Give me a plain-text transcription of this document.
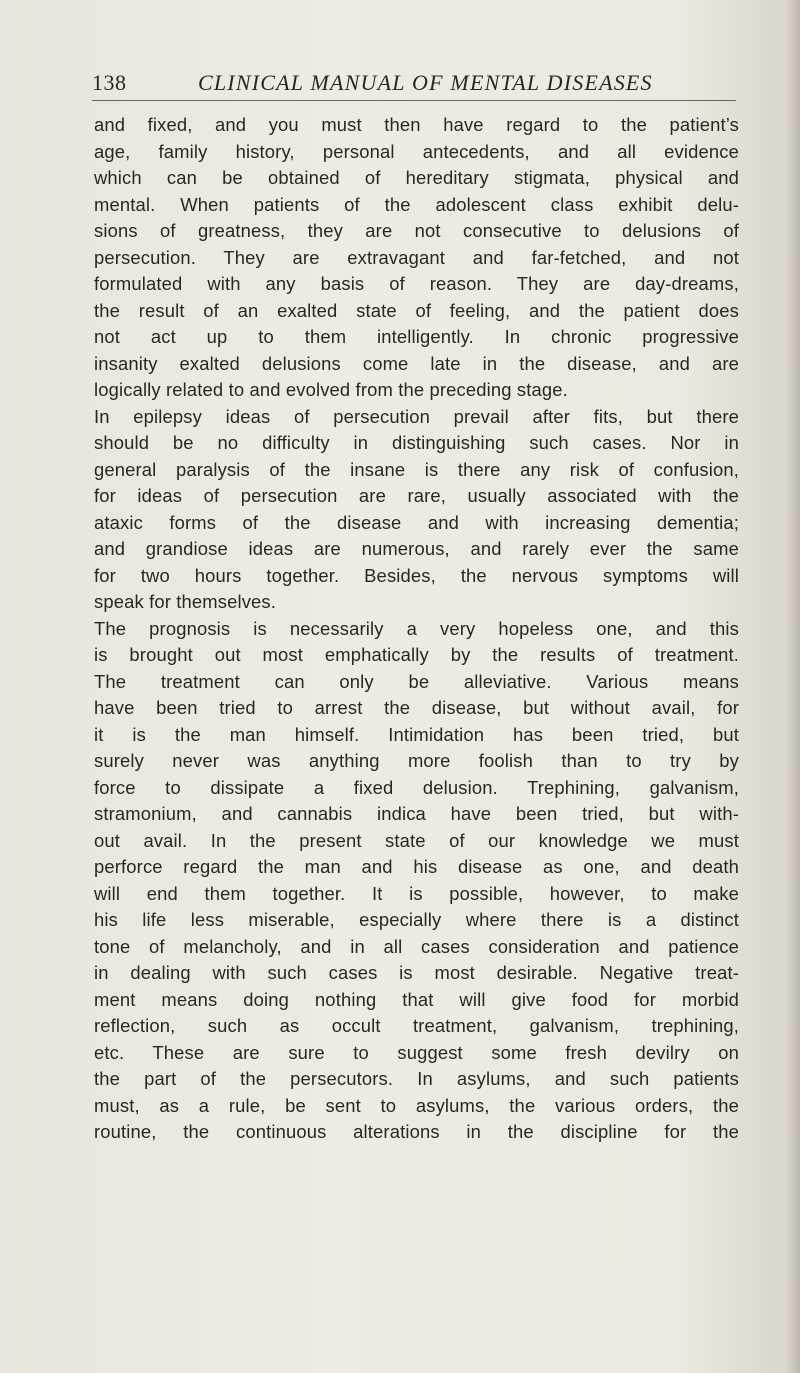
138	CLINICAL MANUAL OF MENTAL DISEASES
and fixed, and you must then have regard to the patient’s
age, family history, personal antecedents, and all evidence
which can be obtained of hereditary stigmata, physical and
mental. When patients of the adolescent class exhibit delu-
sions of greatness, they are not consecutive to delusions of
persecution. They are extravagant and far-fetched, and not
formulated with any basis of reason. They are day-dreams,
the result of an exalted state of feeling, and the patient does
not act up to them intelligently. In chronic progressive
insanity exalted delusions come late in the disease, and are
logically related to and evolved from the preceding stage.
In epilepsy ideas of persecution prevail after fits, but there
should be no difficulty in distinguishing such cases. Nor in
general paralysis of the insane is there any risk of confusion,
for ideas of persecution are rare, usually associated with the
ataxic forms of the disease and with increasing dementia;
and grandiose ideas are numerous, and rarely ever the same
for two hours together. Besides, the nervous symptoms will
speak for themselves.
The prognosis is necessarily a very hopeless one, and this
is brought out most emphatically by the results of treatment.
The treatment can only be alleviative. Various means
have been tried to arrest the disease, but without avail, for
it is the man himself. Intimidation has been tried, but
surely never was anything more foolish than to try by
force to dissipate a fixed delusion. Trephining, galvanism,
stramonium, and cannabis indica have been tried, but with-
out avail. In the present state of our knowledge we must
perforce regard the man and his disease as one, and death
will end them together. It is possible, however, to make
his life less miserable, especially where there is a distinct
tone of melancholy, and in all cases consideration and patience
in dealing with such cases is most desirable. Negative treat-
ment means doing nothing that will give food for morbid
reflection, such as occult treatment, galvanism, trephining,
etc. These are sure to suggest some fresh devilry on
the part of the persecutors. In asylums, and such patients
must, as a rule, be sent to asylums, the various orders, the
routine, the continuous alterations in the discipline for the
